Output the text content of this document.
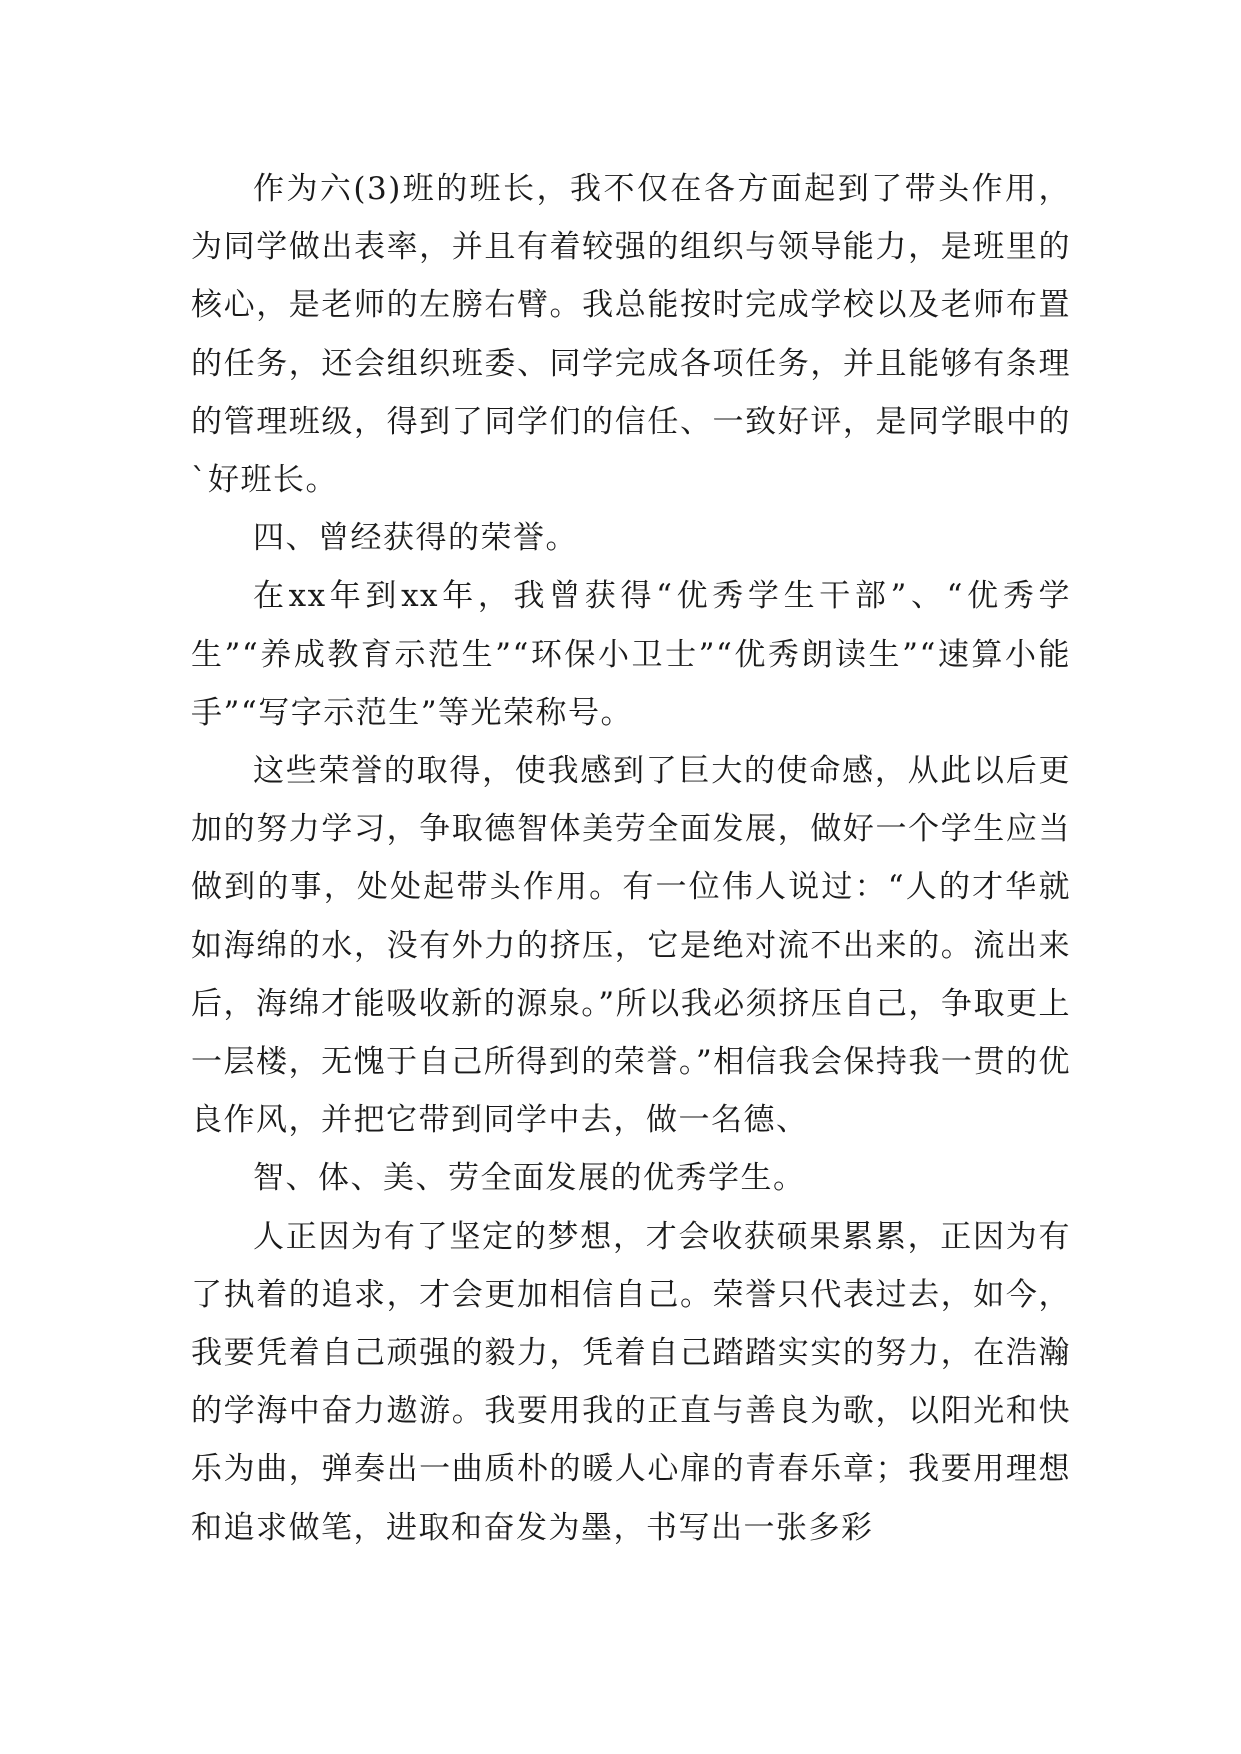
作为六(3)班的班长，我不仅在各方面起到了带头作用，为同学做出表率，并且有着较强的组织与领导能力，是班里的核心，是老师的左膀右臂。我总能按时完成学校以及老师布置的任务，还会组织班委、同学完成各项任务，并且能够有条理的管理班级，得到了同学们的信任、一致好评，是同学眼中的`好班长。

四、曾经获得的荣誉。

在xx年到xx年，我曾获得“优秀学生干部”、“优秀学生”“养成教育示范生”“环保小卫士”“优秀朗读生”“速算小能手”“写字示范生”等光荣称号。

这些荣誉的取得，使我感到了巨大的使命感，从此以后更加的努力学习，争取德智体美劳全面发展，做好一个学生应当做到的事，处处起带头作用。有一位伟人说过：“人的才华就如海绵的水，没有外力的挤压，它是绝对流不出来的。流出来后，海绵才能吸收新的源泉。”所以我必须挤压自己，争取更上一层楼，无愧于自己所得到的荣誉。”相信我会保持我一贯的优良作风，并把它带到同学中去，做一名德、

智、体、美、劳全面发展的优秀学生。

人正因为有了坚定的梦想，才会收获硕果累累，正因为有了执着的追求，才会更加相信自己。荣誉只代表过去，如今，我要凭着自己顽强的毅力，凭着自己踏踏实实的努力，在浩瀚的学海中奋力遨游。我要用我的正直与善良为歌，以阳光和快乐为曲，弹奏出一曲质朴的暖人心扉的青春乐章；我要用理想和追求做笔，进取和奋发为墨，书写出一张多彩
